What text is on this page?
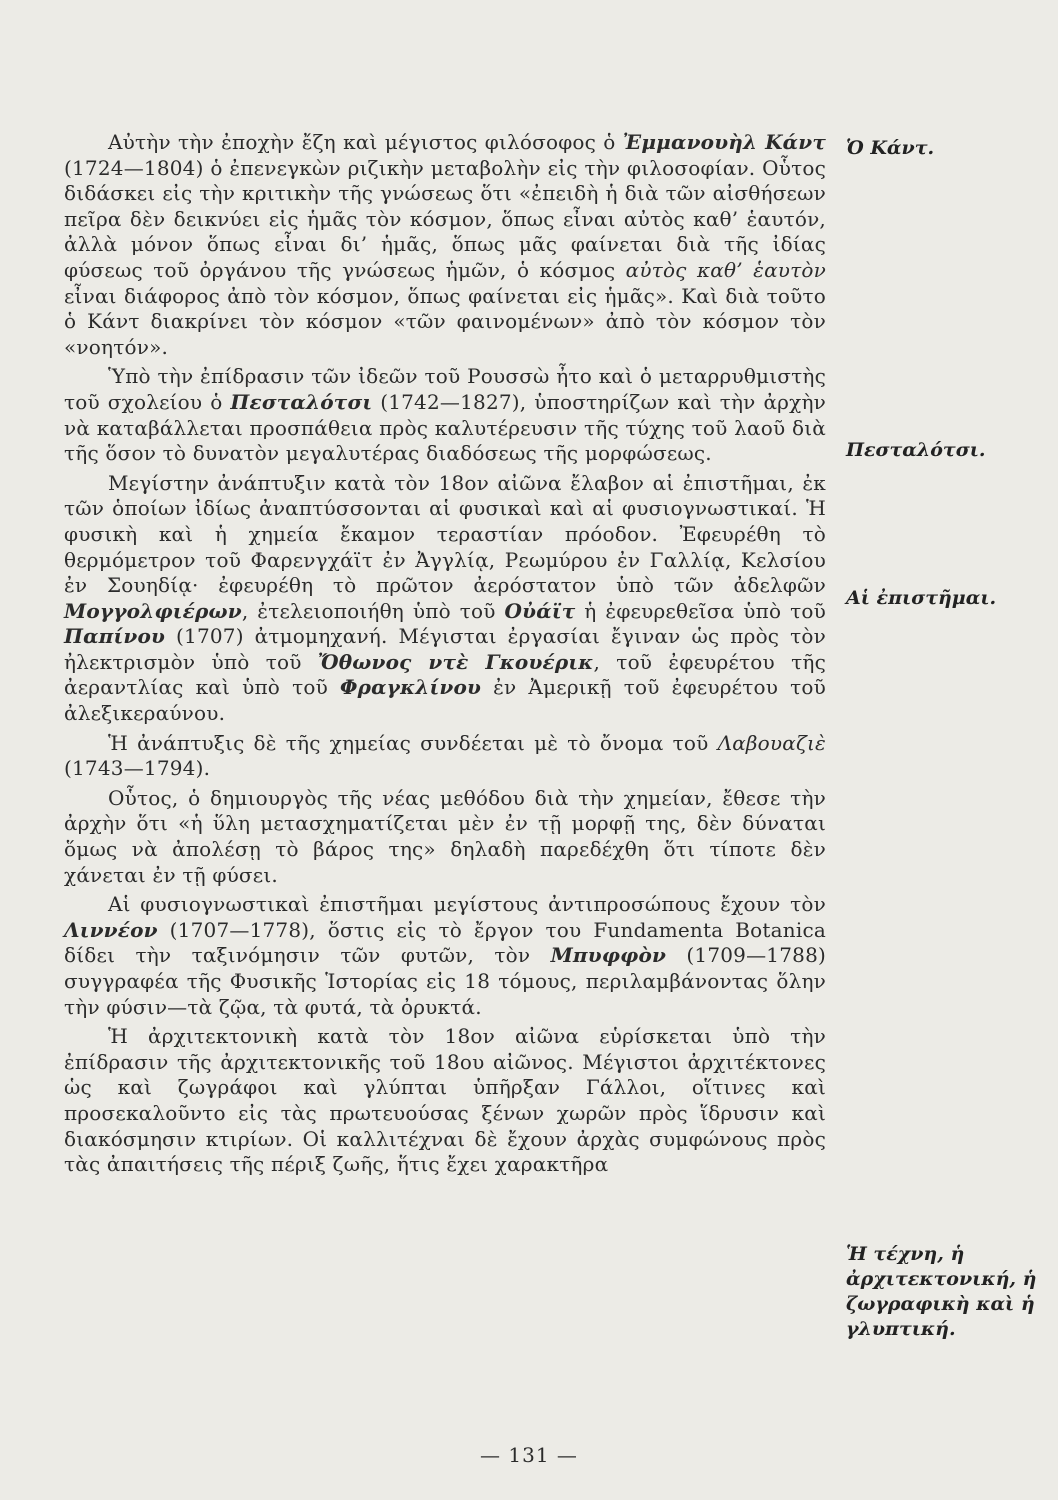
Αὐτὴν τὴν ἐποχὴν ἔζη καὶ μέγιστος φιλόσοφος ὁ Ἐμμανουὴλ Κάντ (1724—1804) ὁ ἐπενεγκὼν ριζικὴν μεταβολὴν εἰς τὴν φιλοσοφίαν. Οὗτος διδάσκει εἰς τὴν κριτικὴν τῆς γνώσεως ὅτι «ἐπειδὴ ἡ διὰ τῶν αἰσθήσεων πεῖρα δὲν δεικνύει εἰς ἡμᾶς τὸν κόσμον, ὅπως εἶναι αὐτὸς καθ’ ἑαυτόν, ἀλλὰ μόνον ὅπως εἶναι δι’ ἡμᾶς, ὅπως μᾶς φαίνεται διὰ τῆς ἰδίας φύσεως τοῦ ὀργάνου τῆς γνώσεως ἡμῶν, ὁ κόσμος αὐτὸς καθ’ ἑαυτὸν εἶναι διάφορος ἀπὸ τὸν κόσμον, ὅπως φαίνεται εἰς ἡμᾶς». Καὶ διὰ τοῦτο ὁ Κάντ διακρίνει τὸν κόσμον «τῶν φαινομένων» ἀπὸ τὸν κόσμον τὸν «νοητόν».

Ὑπὸ τὴν ἐπίδρασιν τῶν ἰδεῶν τοῦ Ρουσσὼ ἦτο καὶ ὁ μεταρρυθμιστὴς τοῦ σχολείου ὁ Πεσταλότσι (1742—1827), ὑποστηρίζων καὶ τὴν ἀρχὴν νὰ καταβάλλεται προσπάθεια πρὸς καλυτέρευσιν τῆς τύχης τοῦ λαοῦ διὰ τῆς ὅσον τὸ δυνατὸν μεγαλυτέρας διαδόσεως τῆς μορφώσεως.

Μεγίστην ἀνάπτυξιν κατὰ τὸν 18ον αἰῶνα ἔλαβον αἱ ἐπιστῆμαι, ἐκ τῶν ὁποίων ἰδίως ἀναπτύσσονται αἱ φυσικαὶ καὶ αἱ φυσιογνωστικαί. Ἡ φυσικὴ καὶ ἡ χημεία ἔκαμον τεραστίαν πρόοδον. Ἐφευρέθη τὸ θερμόμετρον τοῦ Φαρενγχάϊτ ἐν Ἀγγλίᾳ, Ρεωμύρου ἐν Γαλλίᾳ, Κελσίου ἐν Σουηδίᾳ· ἐφευρέθη τὸ πρῶτον ἀερόστατον ὑπὸ τῶν ἀδελφῶν Μογγολφιέρων, ἐτελειοποιήθη ὑπὸ τοῦ Οὐάϊτ ἡ ἐφευρεθεῖσα ὑπὸ τοῦ Παπίνου (1707) ἀτμομηχανή. Μέγισται ἐργασίαι ἔγιναν ὡς πρὸς τὸν ἠλεκτρισμὸν ὑπὸ τοῦ Ὄθωνος ντὲ Γκουέρικ, τοῦ ἐφευρέτου τῆς ἀεραντλίας καὶ ὑπὸ τοῦ Φραγκλίνου ἐν Ἀμερικῇ τοῦ ἐφευρέτου τοῦ ἀλεξικεραύνου.

Ἡ ἀνάπτυξις δὲ τῆς χημείας συνδέεται μὲ τὸ ὄνομα τοῦ Λαβουαζιὲ (1743—1794).

Οὗτος, ὁ δημιουργὸς τῆς νέας μεθόδου διὰ τὴν χημείαν, ἔθεσε τὴν ἀρχὴν ὅτι «ἡ ὕλη μετασχηματίζεται μὲν ἐν τῇ μορφῇ της, δὲν δύναται ὅμως νὰ ἀπολέσῃ τὸ βάρος της» δηλαδὴ παρεδέχθη ὅτι τίποτε δὲν χάνεται ἐν τῇ φύσει.

Αἱ φυσιογνωστικαὶ ἐπιστῆμαι μεγίστους ἀντιπροσώπους ἔχουν τὸν Λιννέον (1707—1778), ὅστις εἰς τὸ ἔργον του Fundamenta Botanica δίδει τὴν ταξινόμησιν τῶν φυτῶν, τὸν Μπυφφὸν (1709—1788) συγγραφέα τῆς Φυσικῆς Ἱστορίας εἰς 18 τόμους, περιλαμβάνοντας ὅλην τὴν φύσιν—τὰ ζῷα, τὰ φυτά, τὰ ὀρυκτά.

Ἡ ἀρχιτεκτονικὴ κατὰ τὸν 18ον αἰῶνα εὑρίσκεται ὑπὸ τὴν ἐπίδρασιν τῆς ἀρχιτεκτονικῆς τοῦ 18ου αἰῶνος. Μέγιστοι ἀρχιτέκτονες ὡς καὶ ζωγράφοι καὶ γλύπται ὑπῆρξαν Γάλλοι, οἵτινες καὶ προσεκαλοῦντο εἰς τὰς πρωτευούσας ξένων χωρῶν πρὸς ἵδρυσιν καὶ διακόσμησιν κτιρίων. Οἱ καλλιτέχναι δὲ ἔχουν ἀρχὰς συμφώνους πρὸς τὰς ἀπαιτήσεις τῆς πέριξ ζωῆς, ἥτις ἔχει χαρακτῆρα

Ὁ Κάντ.
Πεσταλότσι.
Αἱ ἐπιστῆμαι.
Ἡ τέχνη, ἡ ἀρχιτεκτονική, ἡ ζωγραφικὴ καὶ ἡ γλυπτική.
— 131 —
